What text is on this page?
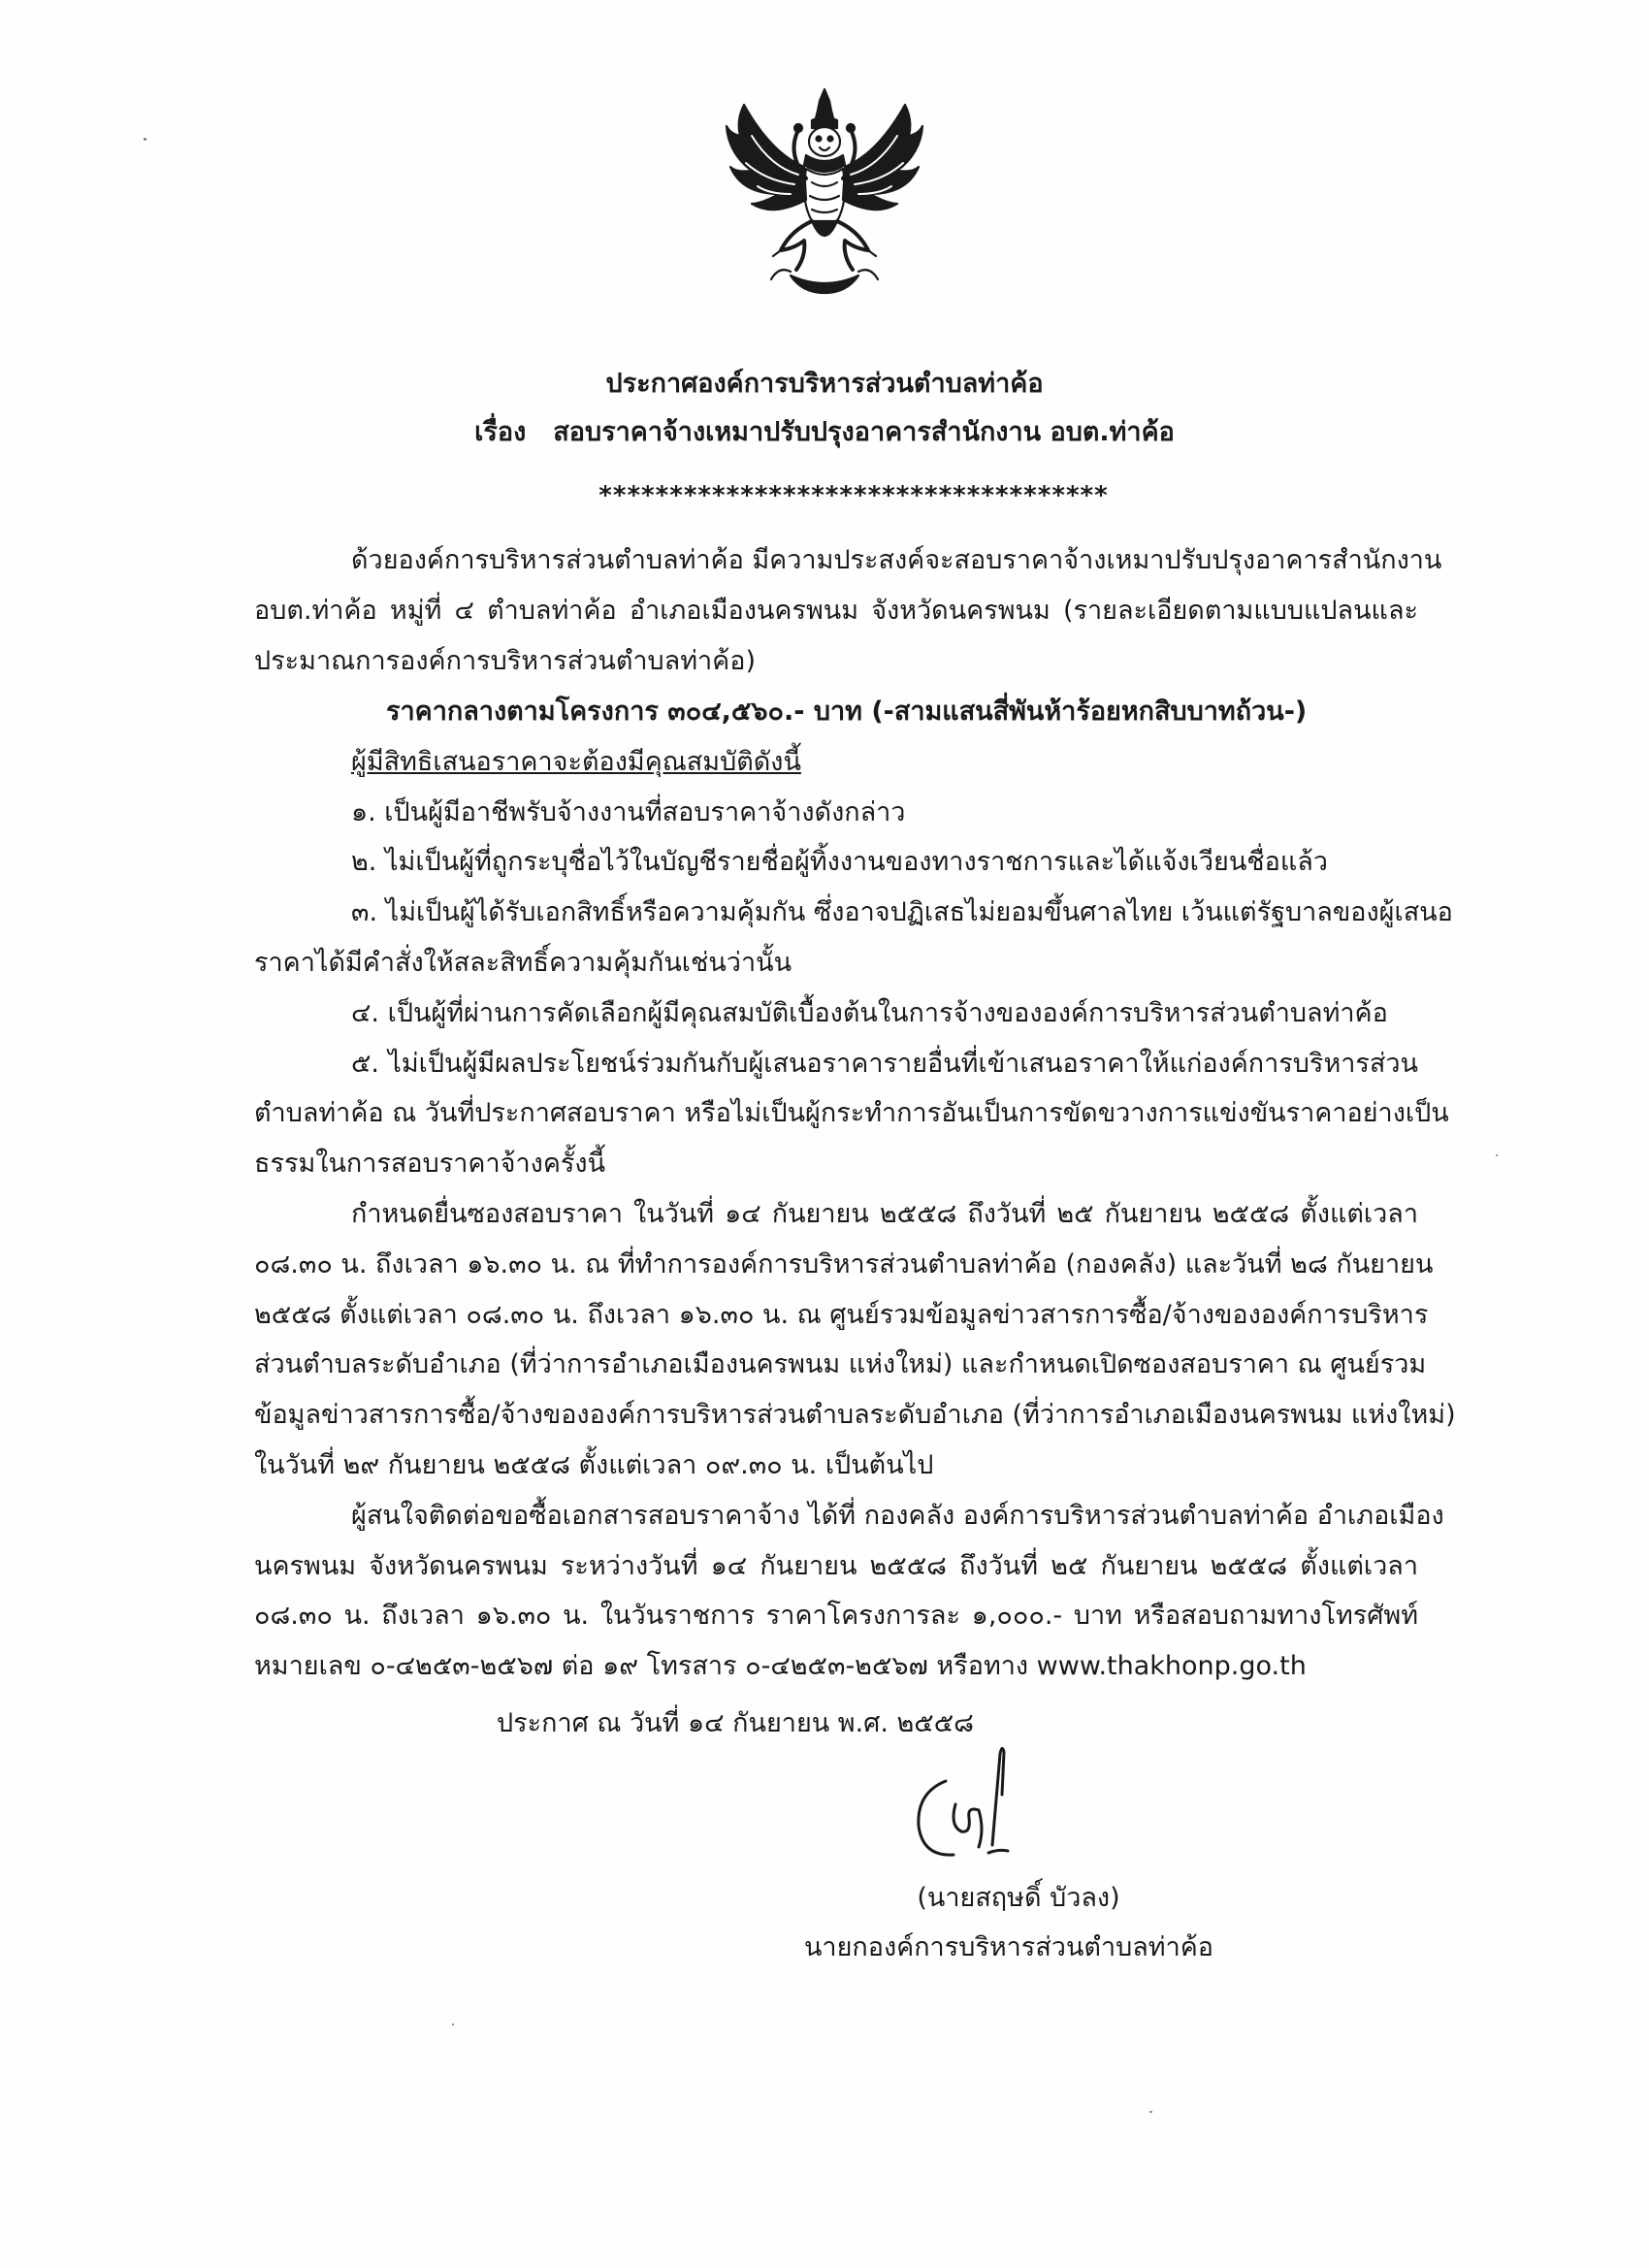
ประกาศองค์การบริหารส่วนตำบลท่าค้อ
เรื่อง สอบราคาจ้างเหมาปรับปรุงอาคารสำนักงาน อบต.ท่าค้อ
************************************
ด้วยองค์การบริหารส่วนตำบลท่าค้อ มีความประสงค์จะสอบราคาจ้างเหมาปรับปรุงอาคารสำนักงาน
อบต.ท่าค้อ หมู่ที่ ๔ ตำบลท่าค้อ อำเภอเมืองนครพนม จังหวัดนครพนม (รายละเอียดตามแบบแปลนและ
ประมาณการองค์การบริหารส่วนตำบลท่าค้อ)
ราคากลางตามโครงการ ๓๐๔,๕๖๐.- บาท (-สามแสนสี่พันห้าร้อยหกสิบบาทถ้วน-)
ผู้มีสิทธิเสนอราคาจะต้องมีคุณสมบัติดังนี้
๑. เป็นผู้มีอาชีพรับจ้างงานที่สอบราคาจ้างดังกล่าว
๒. ไม่เป็นผู้ที่ถูกระบุชื่อไว้ในบัญชีรายชื่อผู้ทิ้งงานของทางราชการและได้แจ้งเวียนชื่อแล้ว
๓. ไม่เป็นผู้ได้รับเอกสิทธิ์หรือความคุ้มกัน ซึ่งอาจปฏิเสธไม่ยอมขึ้นศาลไทย เว้นแต่รัฐบาลของผู้เสนอ
ราคาได้มีคำสั่งให้สละสิทธิ์ความคุ้มกันเช่นว่านั้น
๔. เป็นผู้ที่ผ่านการคัดเลือกผู้มีคุณสมบัติเบื้องต้นในการจ้างขององค์การบริหารส่วนตำบลท่าค้อ
๕. ไม่เป็นผู้มีผลประโยชน์ร่วมกันกับผู้เสนอราคารายอื่นที่เข้าเสนอราคาให้แก่องค์การบริหารส่วน
ตำบลท่าค้อ ณ วันที่ประกาศสอบราคา หรือไม่เป็นผู้กระทำการอันเป็นการขัดขวางการแข่งขันราคาอย่างเป็น
ธรรมในการสอบราคาจ้างครั้งนี้
กำหนดยื่นซองสอบราคา ในวันที่ ๑๔ กันยายน ๒๕๕๘ ถึงวันที่ ๒๕ กันยายน ๒๕๕๘ ตั้งแต่เวลา
๐๘.๓๐ น. ถึงเวลา ๑๖.๓๐ น. ณ ที่ทำการองค์การบริหารส่วนตำบลท่าค้อ (กองคลัง) และวันที่ ๒๘ กันยายน
๒๕๕๘ ตั้งแต่เวลา ๐๘.๓๐ น. ถึงเวลา ๑๖.๓๐ น. ณ ศูนย์รวมข้อมูลข่าวสารการซื้อ/จ้างขององค์การบริหาร
ส่วนตำบลระดับอำเภอ (ที่ว่าการอำเภอเมืองนครพนม แห่งใหม่) และกำหนดเปิดซองสอบราคา ณ ศูนย์รวม
ข้อมูลข่าวสารการซื้อ/จ้างขององค์การบริหารส่วนตำบลระดับอำเภอ (ที่ว่าการอำเภอเมืองนครพนม แห่งใหม่)
ในวันที่ ๒๙ กันยายน ๒๕๕๘ ตั้งแต่เวลา ๐๙.๓๐ น. เป็นต้นไป
ผู้สนใจติดต่อขอซื้อเอกสารสอบราคาจ้าง ได้ที่ กองคลัง องค์การบริหารส่วนตำบลท่าค้อ อำเภอเมือง
นครพนม จังหวัดนครพนม ระหว่างวันที่ ๑๔ กันยายน ๒๕๕๘ ถึงวันที่ ๒๕ กันยายน ๒๕๕๘ ตั้งแต่เวลา
๐๘.๓๐ น. ถึงเวลา ๑๖.๓๐ น. ในวันราชการ ราคาโครงการละ ๑,๐๐๐.- บาท หรือสอบถามทางโทรศัพท์
หมายเลข ๐-๔๒๕๓-๒๕๖๗ ต่อ ๑๙ โทรสาร ๐-๔๒๕๓-๒๕๖๗ หรือทาง www.thakhonp.go.th
ประกาศ ณ วันที่ ๑๔ กันยายน พ.ศ. ๒๕๕๘
(นายสฤษดิ์ บัวลง)
นายกองค์การบริหารส่วนตำบลท่าค้อ
